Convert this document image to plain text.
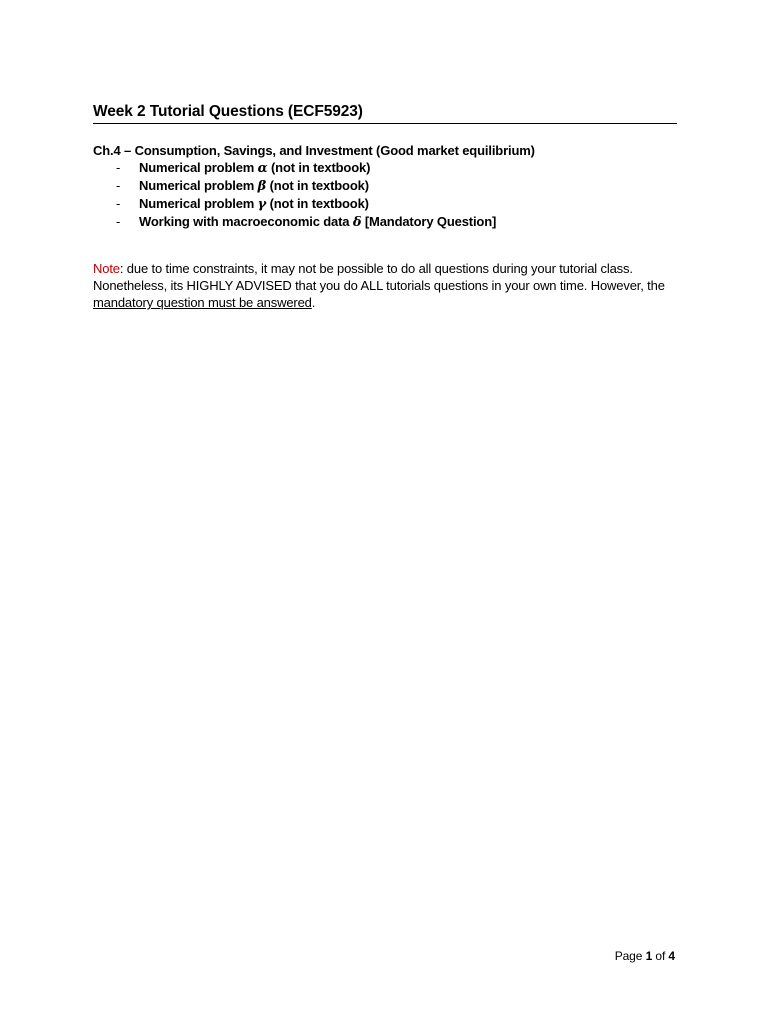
Week 2 Tutorial Questions (ECF5923)
Ch.4 – Consumption, Savings, and Investment (Good market equilibrium)
- Numerical problem α (not in textbook)
- Numerical problem β (not in textbook)
- Numerical problem γ (not in textbook)
- Working with macroeconomic data δ [Mandatory Question]
Note: due to time constraints, it may not be possible to do all questions during your tutorial class. Nonetheless, its HIGHLY ADVISED that you do ALL tutorials questions in your own time. However, the mandatory question must be answered.
Page 1 of 4
